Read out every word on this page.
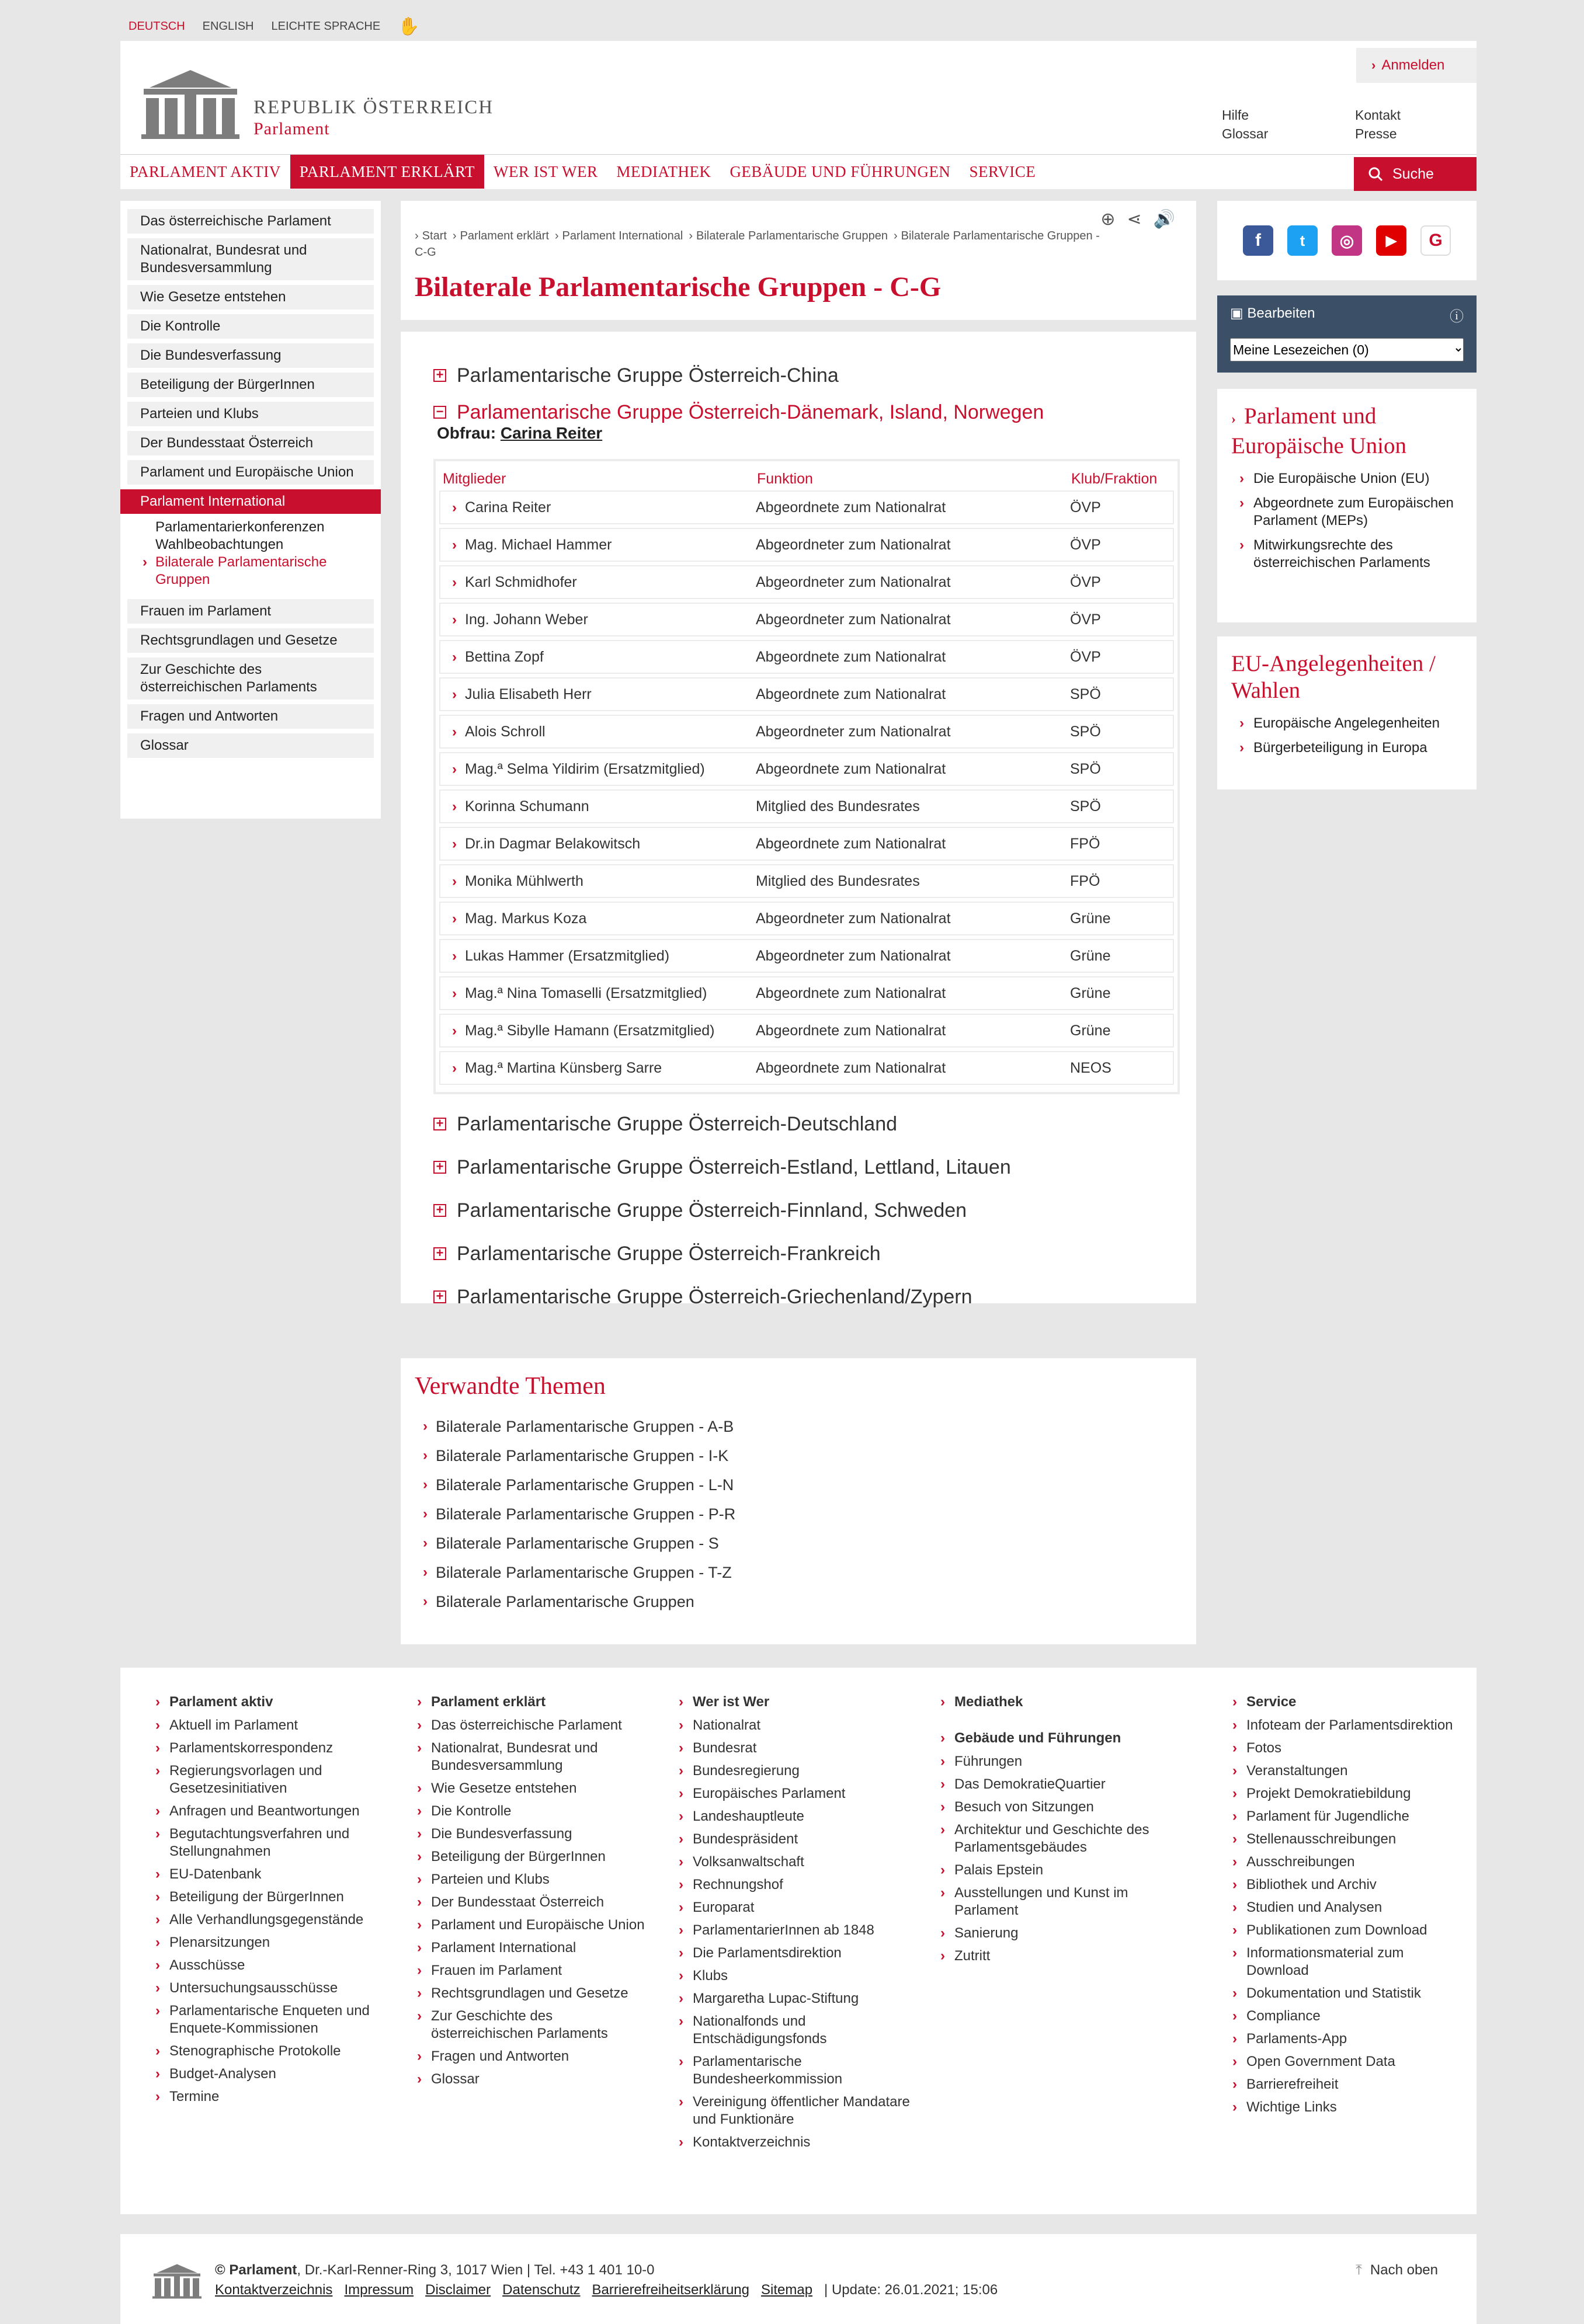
DEUTSCH ENGLISH LEICHTE SPRACHE ✋
REPUBLIK ÖSTERREICH
Parlament
› Anmelden
Hilfe
Glossar
Kontakt
Presse
PARLAMENT AKTIV	PARLAMENT ERKLÄRT	WER IST WER	MEDIATHEK	GEBÄUDE UND FÜHRUNGEN	SERVICE	Suche
Das österreichische Parlament
Nationalrat, Bundesrat und Bundesversammlung
Wie Gesetze entstehen
Die Kontrolle
Die Bundesverfassung
Beteiligung der BürgerInnen
Parteien und Klubs
Der Bundesstaat Österreich
Parlament und Europäische Union
Parlament International
Parlamentarierkonferenzen
Wahlbeobachtungen
› Bilaterale Parlamentarische Gruppen
Frauen im Parlament
Rechtsgrundlagen und Gesetze
Zur Geschichte des österreichischen Parlaments
Fragen und Antworten
Glossar
⊕ ⋖ 🔊
› Start › Parlament erklärt › Parlament International › Bilaterale Parlamentarische Gruppen › Bilaterale Parlamentarische Gruppen - C-G
Bilaterale Parlamentarische Gruppen - C-G
+ Parlamentarische Gruppe Österreich-China
− Parlamentarische Gruppe Österreich-Dänemark, Island, Norwegen
Obfrau: Carina Reiter
Mitglieder	Funktion	Klub/Fraktion
› Carina Reiter	Abgeordnete zum Nationalrat	ÖVP
› Mag. Michael Hammer	Abgeordneter zum Nationalrat	ÖVP
› Karl Schmidhofer	Abgeordneter zum Nationalrat	ÖVP
› Ing. Johann Weber	Abgeordneter zum Nationalrat	ÖVP
› Bettina Zopf	Abgeordnete zum Nationalrat	ÖVP
› Julia Elisabeth Herr	Abgeordnete zum Nationalrat	SPÖ
› Alois Schroll	Abgeordneter zum Nationalrat	SPÖ
› Mag.ª Selma Yildirim (Ersatzmitglied)	Abgeordnete zum Nationalrat	SPÖ
› Korinna Schumann	Mitglied des Bundesrates	SPÖ
› Dr.in Dagmar Belakowitsch	Abgeordnete zum Nationalrat	FPÖ
› Monika Mühlwerth	Mitglied des Bundesrates	FPÖ
› Mag. Markus Koza	Abgeordneter zum Nationalrat	Grüne
› Lukas Hammer (Ersatzmitglied)	Abgeordneter zum Nationalrat	Grüne
› Mag.ª Nina Tomaselli (Ersatzmitglied)	Abgeordnete zum Nationalrat	Grüne
› Mag.ª Sibylle Hamann (Ersatzmitglied)	Abgeordnete zum Nationalrat	Grüne
› Mag.ª Martina Künsberg Sarre	Abgeordnete zum Nationalrat	NEOS
+ Parlamentarische Gruppe Österreich-Deutschland
+ Parlamentarische Gruppe Österreich-Estland, Lettland, Litauen
+ Parlamentarische Gruppe Österreich-Finnland, Schweden
+ Parlamentarische Gruppe Österreich-Frankreich
+ Parlamentarische Gruppe Österreich-Griechenland/Zypern
Verwandte Themen
› Bilaterale Parlamentarische Gruppen - A-B
› Bilaterale Parlamentarische Gruppen - I-K
› Bilaterale Parlamentarische Gruppen - L-N
› Bilaterale Parlamentarische Gruppen - P-R
› Bilaterale Parlamentarische Gruppen - S
› Bilaterale Parlamentarische Gruppen - T-Z
› Bilaterale Parlamentarische Gruppen
f	t	◎	▶	G
▣ Bearbeiten	ⓘ
Meine Lesezeichen (0)
› Parlament und Europäische Union
› Die Europäische Union (EU)
› Abgeordnete zum Europäischen Parlament (MEPs)
› Mitwirkungsrechte des österreichischen Parlaments
EU-Angelegenheiten / Wahlen
› Europäische Angelegenheiten
› Bürgerbeteiligung in Europa
› Parlament aktiv
› Aktuell im Parlament
› Parlamentskorrespondenz
› Regierungsvorlagen und Gesetzesinitiativen
› Anfragen und Beantwortungen
› Begutachtungsverfahren und Stellungnahmen
› EU-Datenbank
› Beteiligung der BürgerInnen
› Alle Verhandlungsgegenstände
› Plenarsitzungen
› Ausschüsse
› Untersuchungsausschüsse
› Parlamentarische Enqueten und Enquete-Kommissionen
› Stenographische Protokolle
› Budget-Analysen
› Termine
› Parlament erklärt
› Das österreichische Parlament
› Nationalrat, Bundesrat und Bundesversammlung
› Wie Gesetze entstehen
› Die Kontrolle
› Die Bundesverfassung
› Beteiligung der BürgerInnen
› Parteien und Klubs
› Der Bundesstaat Österreich
› Parlament und Europäische Union
› Parlament International
› Frauen im Parlament
› Rechtsgrundlagen und Gesetze
› Zur Geschichte des österreichischen Parlaments
› Fragen und Antworten
› Glossar
› Wer ist Wer
› Nationalrat
› Bundesrat
› Bundesregierung
› Europäisches Parlament
› Landeshauptleute
› Bundespräsident
› Volksanwaltschaft
› Rechnungshof
› Europarat
› ParlamentarierInnen ab 1848
› Die Parlamentsdirektion
› Klubs
› Margaretha Lupac-Stiftung
› Nationalfonds und Entschädigungsfonds
› Parlamentarische Bundesheerkommission
› Vereinigung öffentlicher Mandatare und Funktionäre
› Kontaktverzeichnis
› Mediathek
› Gebäude und Führungen
› Führungen
› Das DemokratieQuartier
› Besuch von Sitzungen
› Architektur und Geschichte des Parlamentsgebäudes
› Palais Epstein
› Ausstellungen und Kunst im Parlament
› Sanierung
› Zutritt
› Service
› Infoteam der Parlamentsdirektion
› Fotos
› Veranstaltungen
› Projekt Demokratiebildung
› Parlament für Jugendliche
› Stellenausschreibungen
› Ausschreibungen
› Bibliothek und Archiv
› Studien und Analysen
› Publikationen zum Download
› Informationsmaterial zum Download
› Dokumentation und Statistik
› Compliance
› Parlaments-App
› Open Government Data
› Barrierefreiheit
› Wichtige Links
© Parlament, Dr.-Karl-Renner-Ring 3, 1017 Wien | Tel. +43 1 401 10-0
Kontaktverzeichnis Impressum Disclaimer Datenschutz Barrierefreiheitserklärung Sitemap | Update: 26.01.2021; 15:06
⤒ Nach oben
